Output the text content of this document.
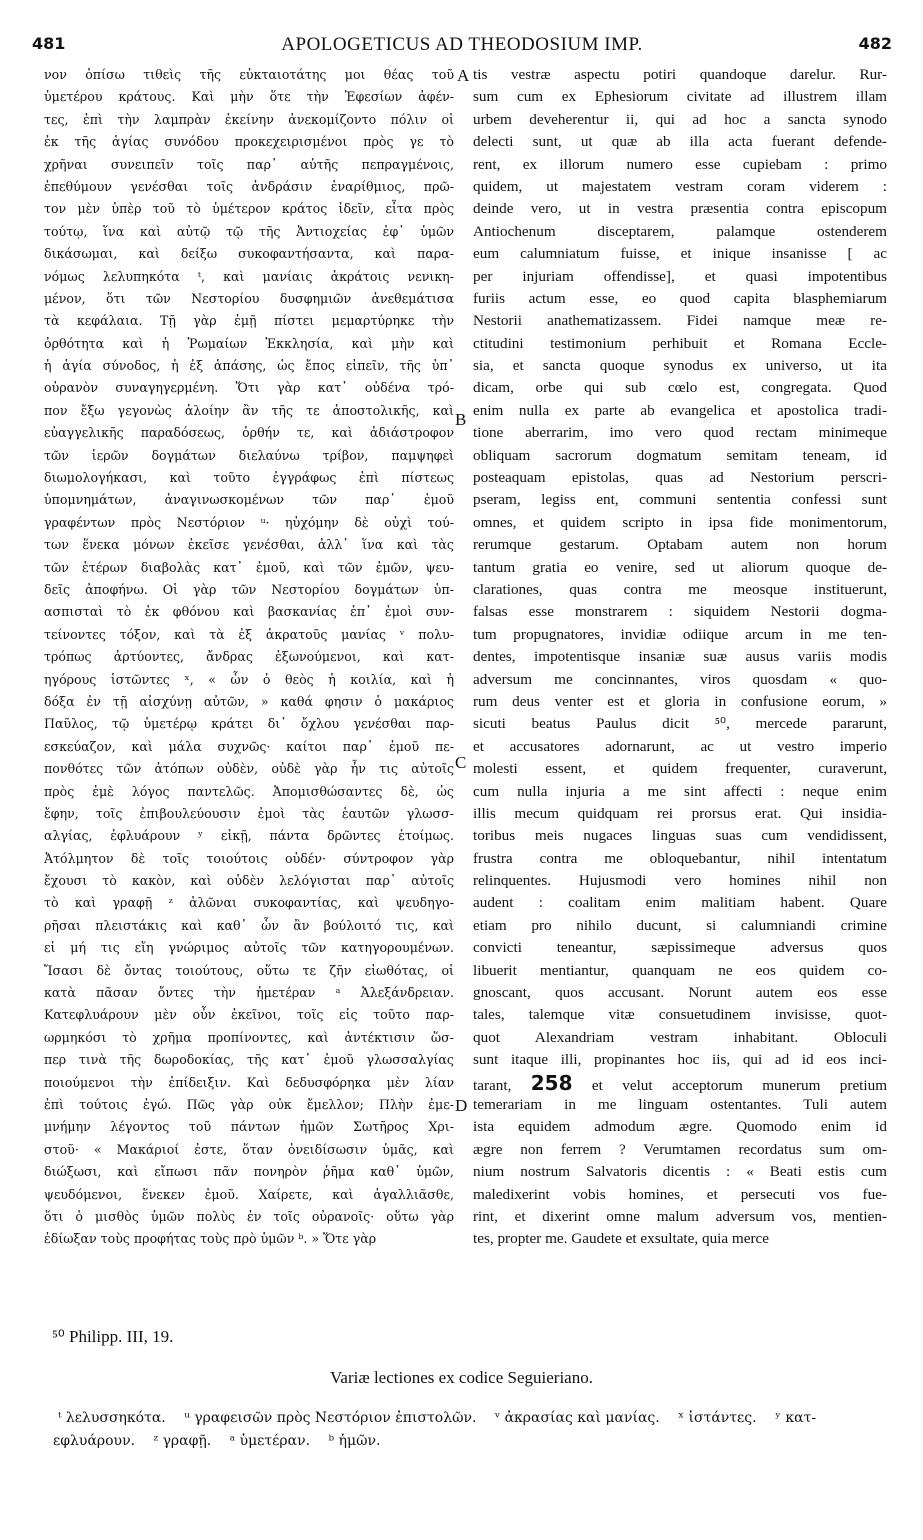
481	APOLOGETICUS AD THEODOSIUM IMP.	482
νον ὀπίσω τιθεὶς τῆς εὐκταιοτάτης μοι θέας τοῦ
ὑμετέρου κράτους. Καὶ μὴν ὅτε τὴν Ἐφεσίων ἀφέν-
τες, ἐπὶ τὴν λαμπρὰν ἐκείνην ἀνεκομίζοντο πόλιν οἱ
ἐκ τῆς ἁγίας συνόδου προκεχειρισμένοι πρὸς γε τὸ
χρῆναι συνειπεῖν τοῖς παρ᾽ αὐτῆς πεπραγμένοις,
ἐπεθύμουν γενέσθαι τοῖς ἀνδράσιν ἐναρίθμιος, πρῶ-
τον μὲν ὑπὲρ τοῦ τὸ ὑμέτερον κράτος ἰδεῖν, εἶτα πρὸς
τούτῳ, ἵνα καὶ αὐτῷ τῷ τῆς Ἀντιοχείας ἐφ᾽ ὑμῶν
δικάσωμαι, καὶ δείξω συκοφαντήσαντα, καὶ παρα-
νόμως λελυπηκότα ᵗ, καὶ μανίαις ἀκράτοις νενικη-
μένον, ὅτι τῶν Νεστορίου δυσφημιῶν ἀνεθεμάτισα
τὰ κεφάλαια. Τῇ γὰρ ἐμῇ πίστει μεμαρτύρηκε τὴν
ὀρθότητα καὶ ἡ Ῥωμαίων Ἐκκλησία, καὶ μὴν καὶ
ἡ ἁγία σύνοδος, ἡ ἐξ ἁπάσης, ὡς ἔπος εἰπεῖν, τῆς ὑπ᾽
οὐρανὸν συναγηγερμένη. Ὅτι γὰρ κατ᾽ οὐδένα τρό-
πον ἔξω γεγονὼς ἁλοίην ἂν τῆς τε ἀποστολικῆς, καὶ
εὐαγγελικῆς παραδόσεως, ὀρθήν τε, καὶ ἀδιάστροφον
τῶν ἱερῶν δογμάτων διελαύνω τρίβον, παμψηφεὶ
διωμολογήκασι, καὶ τοῦτο ἐγγράφως ἐπὶ πίστεως
ὑπομνημάτων, ἀναγινωσκομένων τῶν παρ᾽ ἐμοῦ
γραφέντων πρὸς Νεστόριον ᵘ· ηὐχόμην δὲ οὐχὶ τού-
των ἕνεκα μόνων ἐκεῖσε γενέσθαι, ἀλλ᾽ ἵνα καὶ τὰς
τῶν ἑτέρων διαβολὰς κατ᾽ ἐμοῦ, καὶ τῶν ἐμῶν, ψευ-
δεῖς ἀποφήνω. Οἱ γὰρ τῶν Νεστορίου δογμάτων ὑπ-
ασπισταὶ τὸ ἐκ φθόνου καὶ βασκανίας ἐπ᾽ ἐμοὶ συν-
τείνοντες τόξον, καὶ τὰ ἐξ ἀκρατοῦς μανίας ᵛ πολυ-
τρόπως ἀρτύοντες, ἄνδρας ἐξωνούμενοι, καὶ κατ-
ηγόρους ἱστῶντες ˣ, « ὧν ὁ θεὸς ἡ κοιλία, καὶ ἡ
δόξα ἐν τῇ αἰσχύνῃ αὐτῶν, » καθά φησιν ὁ μακάριος
Παῦλος, τῷ ὑμετέρῳ κράτει δι᾽ ὄχλου γενέσθαι παρ-
εσκεύαζον, καὶ μάλα συχνῶς· καίτοι παρ᾽ ἐμοῦ πε-
πονθότες τῶν ἀτόπων οὐδὲν, οὐδὲ γὰρ ἦν τις αὐτοῖς
πρὸς ἐμὲ λόγος παντελῶς. Ἀπομισθώσαντες δὲ, ὡς
ἔφην, τοῖς ἐπιβουλεύουσιν ἐμοὶ τὰς ἑαυτῶν γλωσσ-
αλγίας, ἐφλυάρουν ʸ εἰκῇ, πάντα δρῶντες ἑτοίμως.
Ἀτόλμητον δὲ τοῖς τοιούτοις οὐδέν· σύντροφον γὰρ
ἔχουσι τὸ κακὸν, καὶ οὐδὲν λελόγισται παρ᾽ αὐτοῖς
τὸ καὶ γραφῇ ᶻ ἁλῶναι συκοφαντίας, καὶ ψευδηγο-
ρῆσαι πλειστάκις καὶ καθ᾽ ὧν ἂν βούλοιτό τις, καὶ
εἰ μή τις εἴη γνώριμος αὐτοῖς τῶν κατηγορουμένων.
Ἴσασι δὲ ὄντας τοιούτους, οὕτω τε ζῆν εἰωθότας, οἱ
κατὰ πᾶσαν ὄντες τὴν ἡμετέραν ᵃ Ἀλεξάνδρειαν.
Κατεφλυάρουν μὲν οὖν ἐκεῖνοι, τοῖς εἰς τοῦτο παρ-
ωρμηκόσι τὸ χρῆμα προπίνοντες, καὶ ἀντέκτισιν ὥσ-
περ τινὰ τῆς δωροδοκίας, τῆς κατ᾽ ἐμοῦ γλωσσαλγίας
ποιούμενοι τὴν ἐπίδειξιν. Καὶ δεδυσφόρηκα μὲν λίαν
ἐπὶ τούτοις ἐγώ. Πῶς γὰρ οὐκ ἔμελλον; Πλὴν ἐμε-
μνήμην λέγοντος τοῦ πάντων ἡμῶν Σωτῆρος Χρι-
στοῦ· « Μακάριοί ἐστε, ὅταν ὀνειδίσωσιν ὑμᾶς, καὶ
διώξωσι, καὶ εἴπωσι πᾶν πονηρὸν ῥῆμα καθ᾽ ὑμῶν,
ψευδόμενοι, ἕνεκεν ἐμοῦ. Χαίρετε, καὶ ἀγαλλιᾶσθε,
ὅτι ὁ μισθὸς ὑμῶν πολὺς ἐν τοῖς οὐρανοῖς· οὕτω γὰρ
ἐδίωξαν τοὺς προφήτας τοὺς πρὸ ὑμῶν ᵇ. » Ὅτε γὰρ
tis vestræ aspectu potiri quandoque darelur. Rur-
sum cum ex Ephesiorum civitate ad illustrem illam
urbem deveherentur ii, qui ad hoc a sancta synodo
delecti sunt, ut quæ ab illa acta fuerant defende-
rent, ex illorum numero esse cupiebam : primo
quidem, ut majestatem vestram coram viderem :
deinde vero, ut in vestra præsentia contra episcopum
Antiochenum disceptarem, palamque ostenderem
eum calumniatum fuisse, et inique insanisse [ ac
per injuriam offendisse], et quasi impotentibus
furiis actum esse, eo quod capita blasphemiarum
Nestorii anathematizassem. Fidei namque meæ re-
ctitudini testimonium perhibuit et Romana Eccle-
sia, et sancta quoque synodus ex universo, ut ita
dicam, orbe qui sub cœlo est, congregata. Quod
enim nulla ex parte ab evangelica et apostolica tradi-
tione aberrarim, imo vero quod rectam minimeque
obliquam sacrorum dogmatum semitam teneam, id
posteaquam epistolas, quas ad Nestorium perscri-
pseram, legiss ent, communi sententia confessi sunt
omnes, et quidem scripto in ipsa fide monimentorum,
rerumque gestarum. Optabam autem non horum
tantum gratia eo venire, sed ut aliorum quoque de-
clarationes, quas contra me meosque instituerunt,
falsas esse monstrarem : siquidem Nestorii dogma-
tum propugnatores, invidiæ odiique arcum in me ten-
dentes, impotentisque insaniæ suæ ausus variis modis
adversum me concinnantes, viros quosdam « quo-
rum deus venter est et gloria in confusione eorum, »
sicuti beatus Paulus dicit ⁵⁰, mercede pararunt,
et accusatores adornarunt, ac ut vestro imperio
molesti essent, et quidem frequenter, curaverunt,
cum nulla injuria a me sint affecti : neque enim
illis mecum quidquam rei prorsus erat. Qui insidia-
toribus meis nugaces linguas suas cum vendidissent,
frustra contra me obloquebantur, nihil intentatum
relinquentes. Hujusmodi vero homines nihil non
audent : coalitam enim malitiam habent. Quare
etiam pro nihilo ducunt, si calumniandi crimine
convicti teneantur, sæpissimeque adversus quos
libuerit mentiantur, quanquam ne eos quidem co-
gnoscant, quos accusant. Norunt autem eos esse
tales, talemque vitæ consuetudinem invisisse, quot-
quot Alexandriam vestram inhabitant. Obloculi
sunt itaque illi, propinantes hoc iis, qui ad id eos inci-
tarant, 258 et velut acceptorum munerum pretium
temerariam in me linguam ostentantes. Tuli autem
ista equidem admodum ægre. Quomodo enim id
ægre non ferrem ? Verumtamen recordatus sum om-
nium nostrum Salvatoris dicentis : « Beati estis cum
maledixerint vobis homines, et persecuti vos fue-
rint, et dixerint omne malum adversum vos, mentien-
tes, propter me. Gaudete et exsultate, quia merce
A
B
C
D
⁵⁰ Philipp. III, 19.
Variæ lectiones ex codice Seguieriano.
ᵗ λελυσσηκότα. ᵘ γραφεισῶν πρὸς Νεστόριον ἐπιστολῶν. ᵛ ἀκρασίας καὶ μανίας. ˣ ἱστάντες. ʸ κατ-
εφλυάρουν. ᶻ γραφῇ. ᵃ ὑμετέραν. ᵇ ἡμῶν.
